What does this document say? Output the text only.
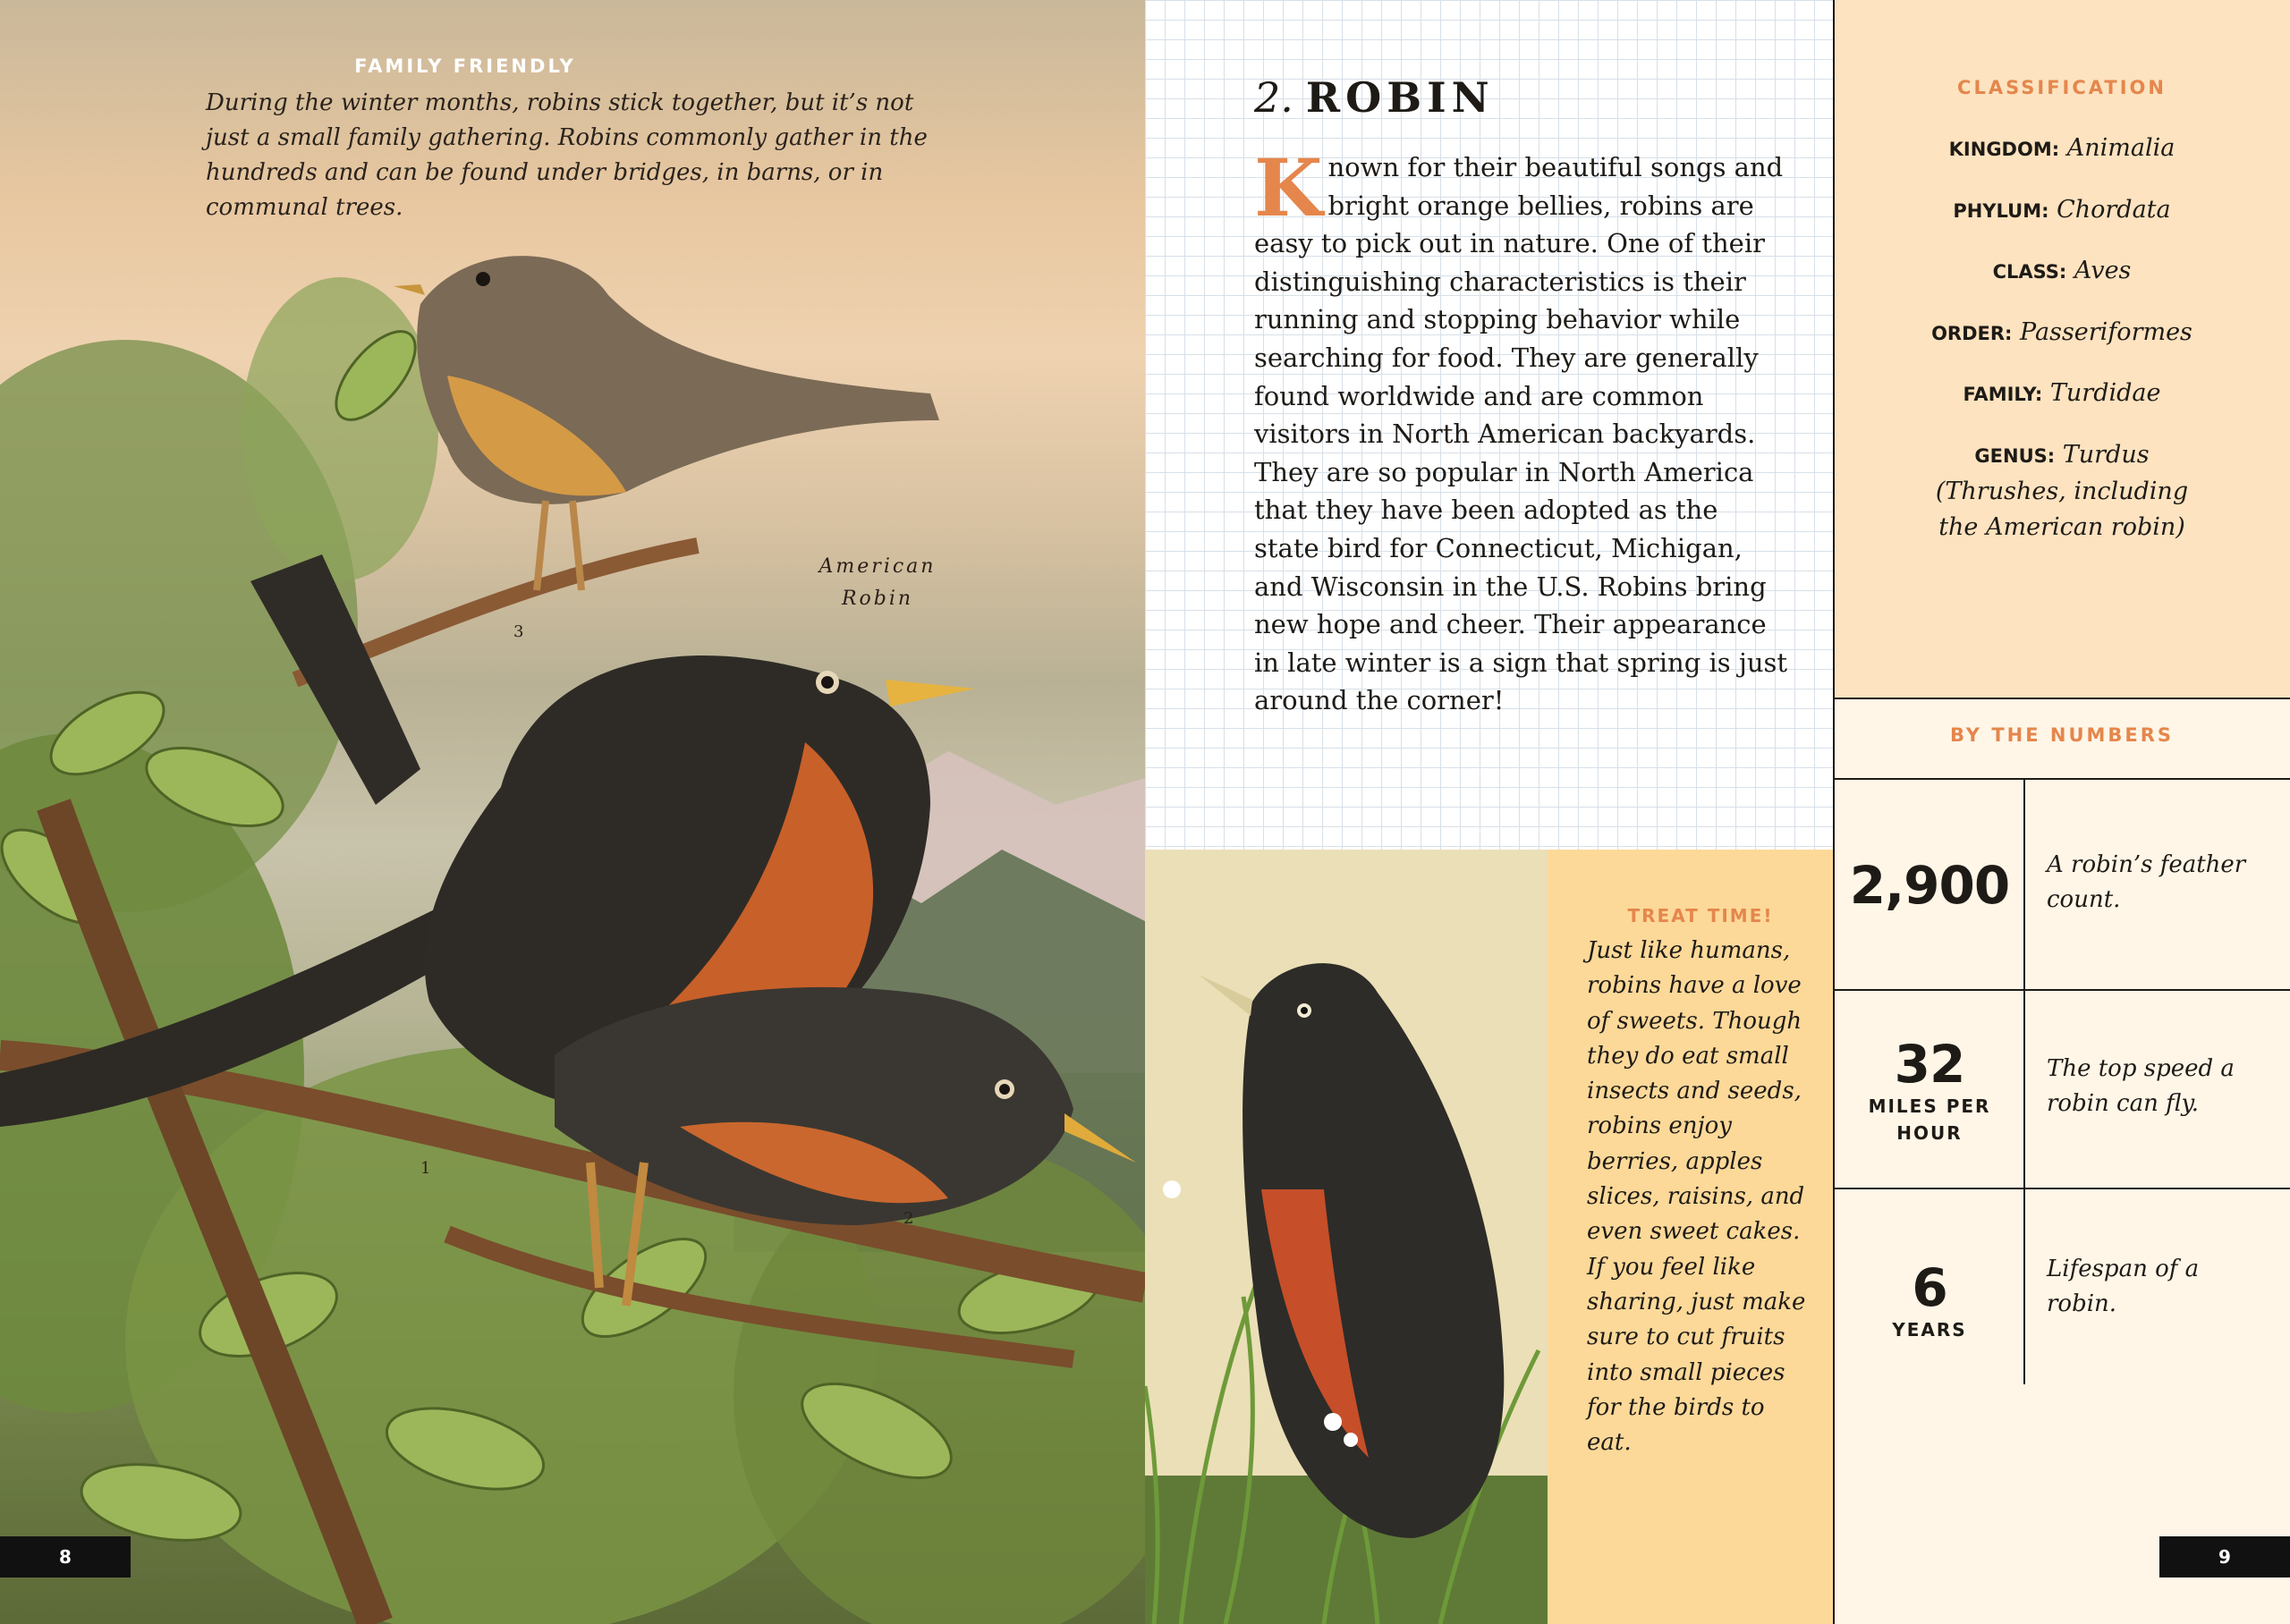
3
1
2
FAMILY FRIENDLY
During the winter months, robins stick together, but it’s not just a small family gathering. Robins commonly gather in the hundreds and can be found under bridges, in barns, or in communal trees.
American
Robin
8
2. ROBIN
Known for their beautiful songs and bright orange bellies, robins are easy to pick out in nature. One of their distinguishing characteristics is their running and stopping behavior while searching for food. They are generally found worldwide and are common visitors in North American backyards. They are so popular in North America that they have been adopted as the state bird for Connecticut, Michigan, and Wisconsin in the U.S. Robins bring new hope and cheer. Their appearance in late winter is a sign that spring is just around the corner!
TREAT TIME!
Just like humans, robins have a love of sweets. Though they do eat small insects and seeds, robins enjoy berries, apples slices, raisins, and even sweet cakes. If you feel like sharing, just make sure to cut fruits into small pieces for the birds to eat.
CLASSIFICATION
KINGDOM: Animalia
PHYLUM: Chordata
CLASS: Aves
ORDER: Passeriformes
FAMILY: Turdidae
GENUS: Turdus
(Thrushes, including the American robin)
BY THE NUMBERS
2,900	A robin’s feather count.
32
MILES PER HOUR
The top speed a robin can fly.
6
YEARS
Lifespan of a robin.
9
